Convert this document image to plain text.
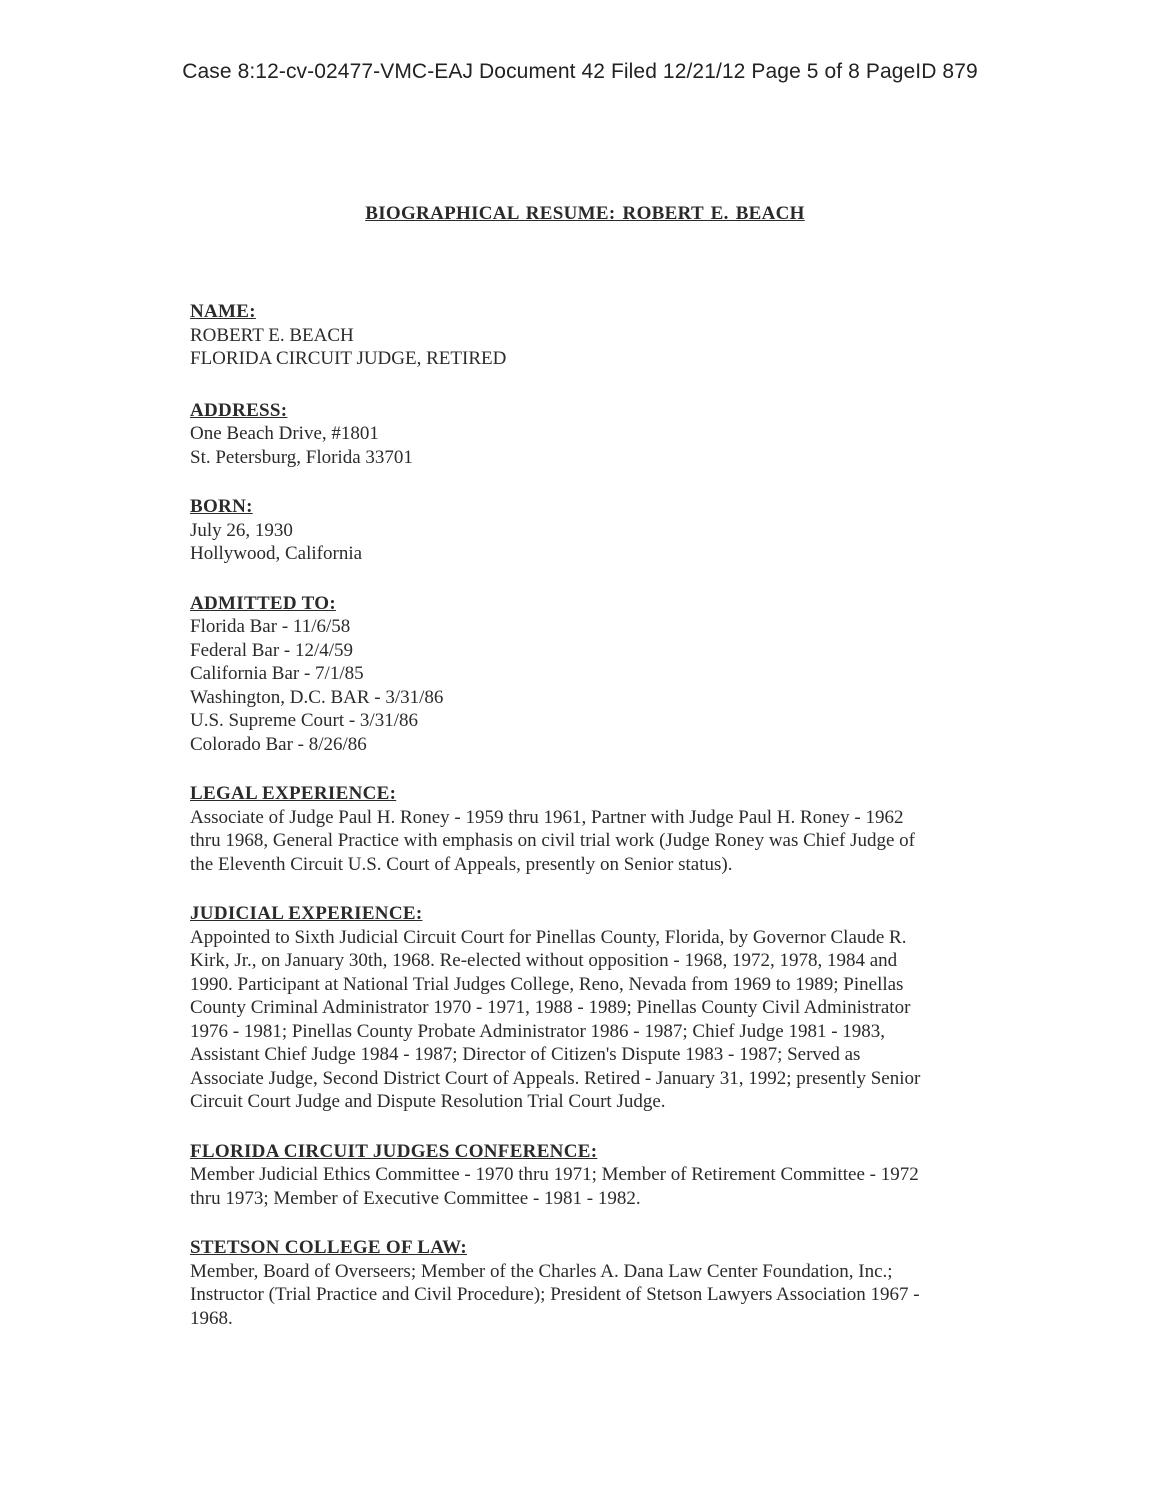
Case 8:12-cv-02477-VMC-EAJ Document 42 Filed 12/21/12 Page 5 of 8 PageID 879
BIOGRAPHICAL RESUME: ROBERT E. BEACH
NAME:
ROBERT E. BEACH
FLORIDA CIRCUIT JUDGE, RETIRED
ADDRESS:
One Beach Drive, #1801
St. Petersburg, Florida 33701
BORN:
July 26, 1930
Hollywood, California
ADMITTED TO:
Florida Bar - 11/6/58
Federal Bar - 12/4/59
California Bar - 7/1/85
Washington, D.C. BAR - 3/31/86
U.S. Supreme Court - 3/31/86
Colorado Bar - 8/26/86
LEGAL EXPERIENCE:
Associate of Judge Paul H. Roney - 1959 thru 1961, Partner with Judge Paul H. Roney - 1962
thru 1968, General Practice with emphasis on civil trial work (Judge Roney was Chief Judge of
the Eleventh Circuit U.S. Court of Appeals, presently on Senior status).
JUDICIAL EXPERIENCE:
Appointed to Sixth Judicial Circuit Court for Pinellas County, Florida, by Governor Claude R.
Kirk, Jr., on January 30th, 1968. Re-elected without opposition - 1968, 1972, 1978, 1984 and
1990. Participant at National Trial Judges College, Reno, Nevada from 1969 to 1989; Pinellas
County Criminal Administrator 1970 - 1971, 1988 - 1989; Pinellas County Civil Administrator
1976 - 1981; Pinellas County Probate Administrator 1986 - 1987; Chief Judge 1981 - 1983,
Assistant Chief Judge 1984 - 1987; Director of Citizen's Dispute 1983 - 1987; Served as
Associate Judge, Second District Court of Appeals. Retired - January 31, 1992; presently Senior
Circuit Court Judge and Dispute Resolution Trial Court Judge.
FLORIDA CIRCUIT JUDGES CONFERENCE:
Member Judicial Ethics Committee - 1970 thru 1971; Member of Retirement Committee - 1972
thru 1973; Member of Executive Committee - 1981 - 1982.
STETSON COLLEGE OF LAW:
Member, Board of Overseers; Member of the Charles A. Dana Law Center Foundation, Inc.;
Instructor (Trial Practice and Civil Procedure); President of Stetson Lawyers Association 1967 -
1968.
